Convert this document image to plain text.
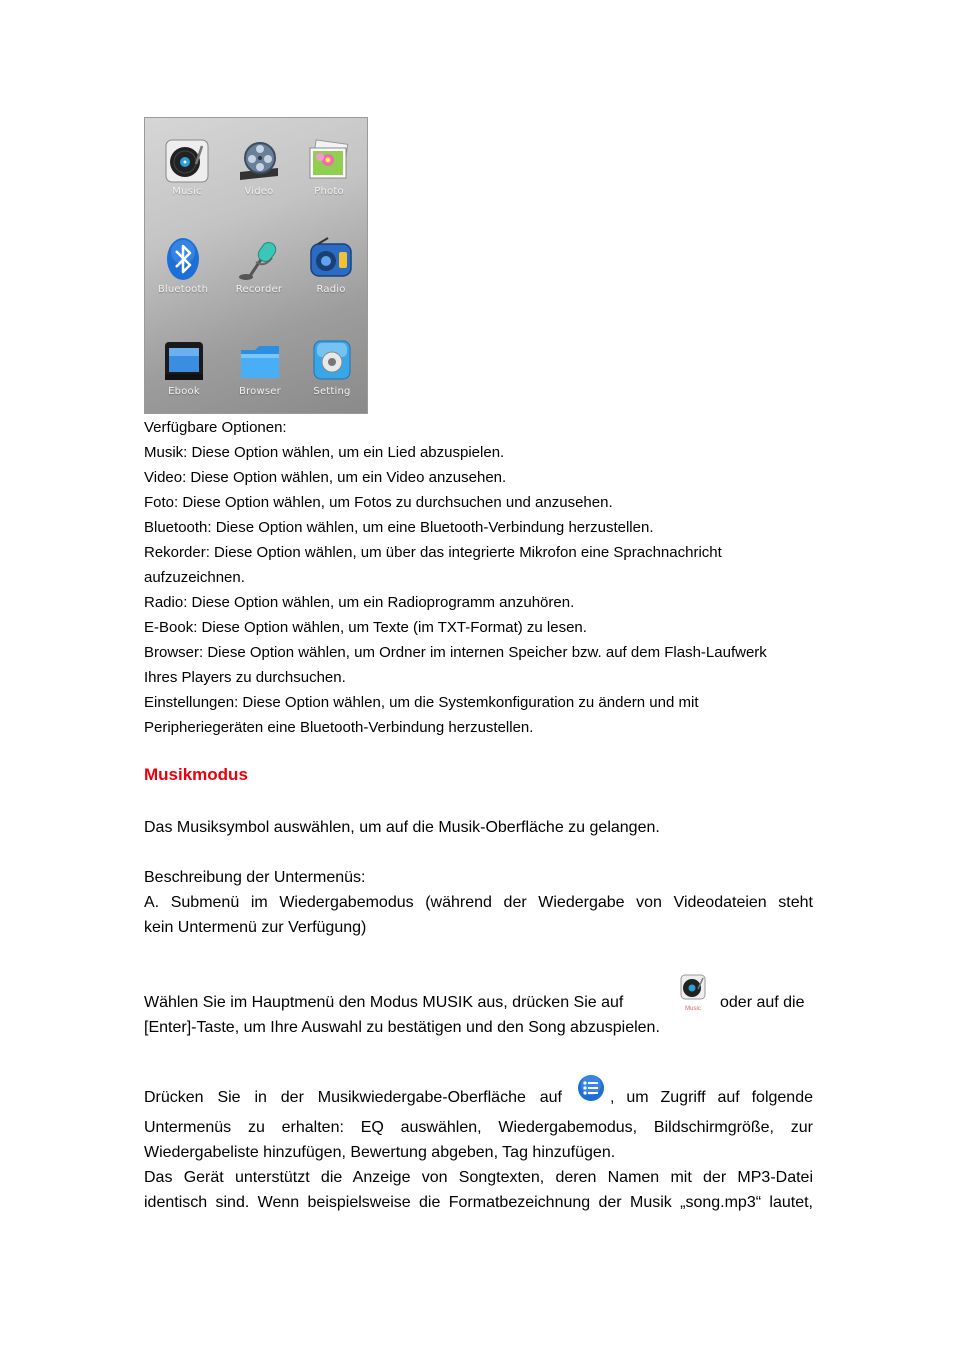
Music	Video	Photo
Bluetooth	Recorder	Radio
Ebook	Browser	Setting
Verfügbare Optionen:
Musik: Diese Option wählen, um ein Lied abzuspielen.
Video: Diese Option wählen, um ein Video anzusehen.
Foto: Diese Option wählen, um Fotos zu durchsuchen und anzusehen.
Bluetooth: Diese Option wählen, um eine Bluetooth-Verbindung herzustellen.
Rekorder: Diese Option wählen, um über das integrierte Mikrofon eine Sprachnachricht
aufzuzeichnen.
Radio: Diese Option wählen, um ein Radioprogramm anzuhören.
E-Book: Diese Option wählen, um Texte (im TXT-Format) zu lesen.
Browser: Diese Option wählen, um Ordner im internen Speicher bzw. auf dem Flash-Laufwerk
Ihres Players zu durchsuchen.
Einstellungen: Diese Option wählen, um die Systemkonfiguration zu ändern und mit
Peripheriegeräten eine Bluetooth-Verbindung herzustellen.
Musikmodus
Das Musiksymbol auswählen, um auf die Musik-Oberfläche zu gelangen.
Beschreibung der Untermenüs:
A. Submenü im Wiedergabemodus (während der Wiedergabe von Videodateien steht
kein Untermenü zur Verfügung)
Wählen Sie im Hauptmenü den Modus MUSIK aus, drücken Sie auf	Music	oder auf die
[Enter]-Taste, um Ihre Auswahl zu bestätigen und den Song abzuspielen.
Drücken Sie in der Musikwiedergabe-Oberfläche auf	, um Zugriff auf folgende
Untermenüs zu erhalten: EQ auswählen, Wiedergabemodus, Bildschirmgröße, zur
Wiedergabeliste hinzufügen, Bewertung abgeben, Tag hinzufügen.
Das Gerät unterstützt die Anzeige von Songtexten, deren Namen mit der MP3-Datei
identisch sind. Wenn beispielsweise die Formatbezeichnung der Musik „song.mp3“ lautet,
